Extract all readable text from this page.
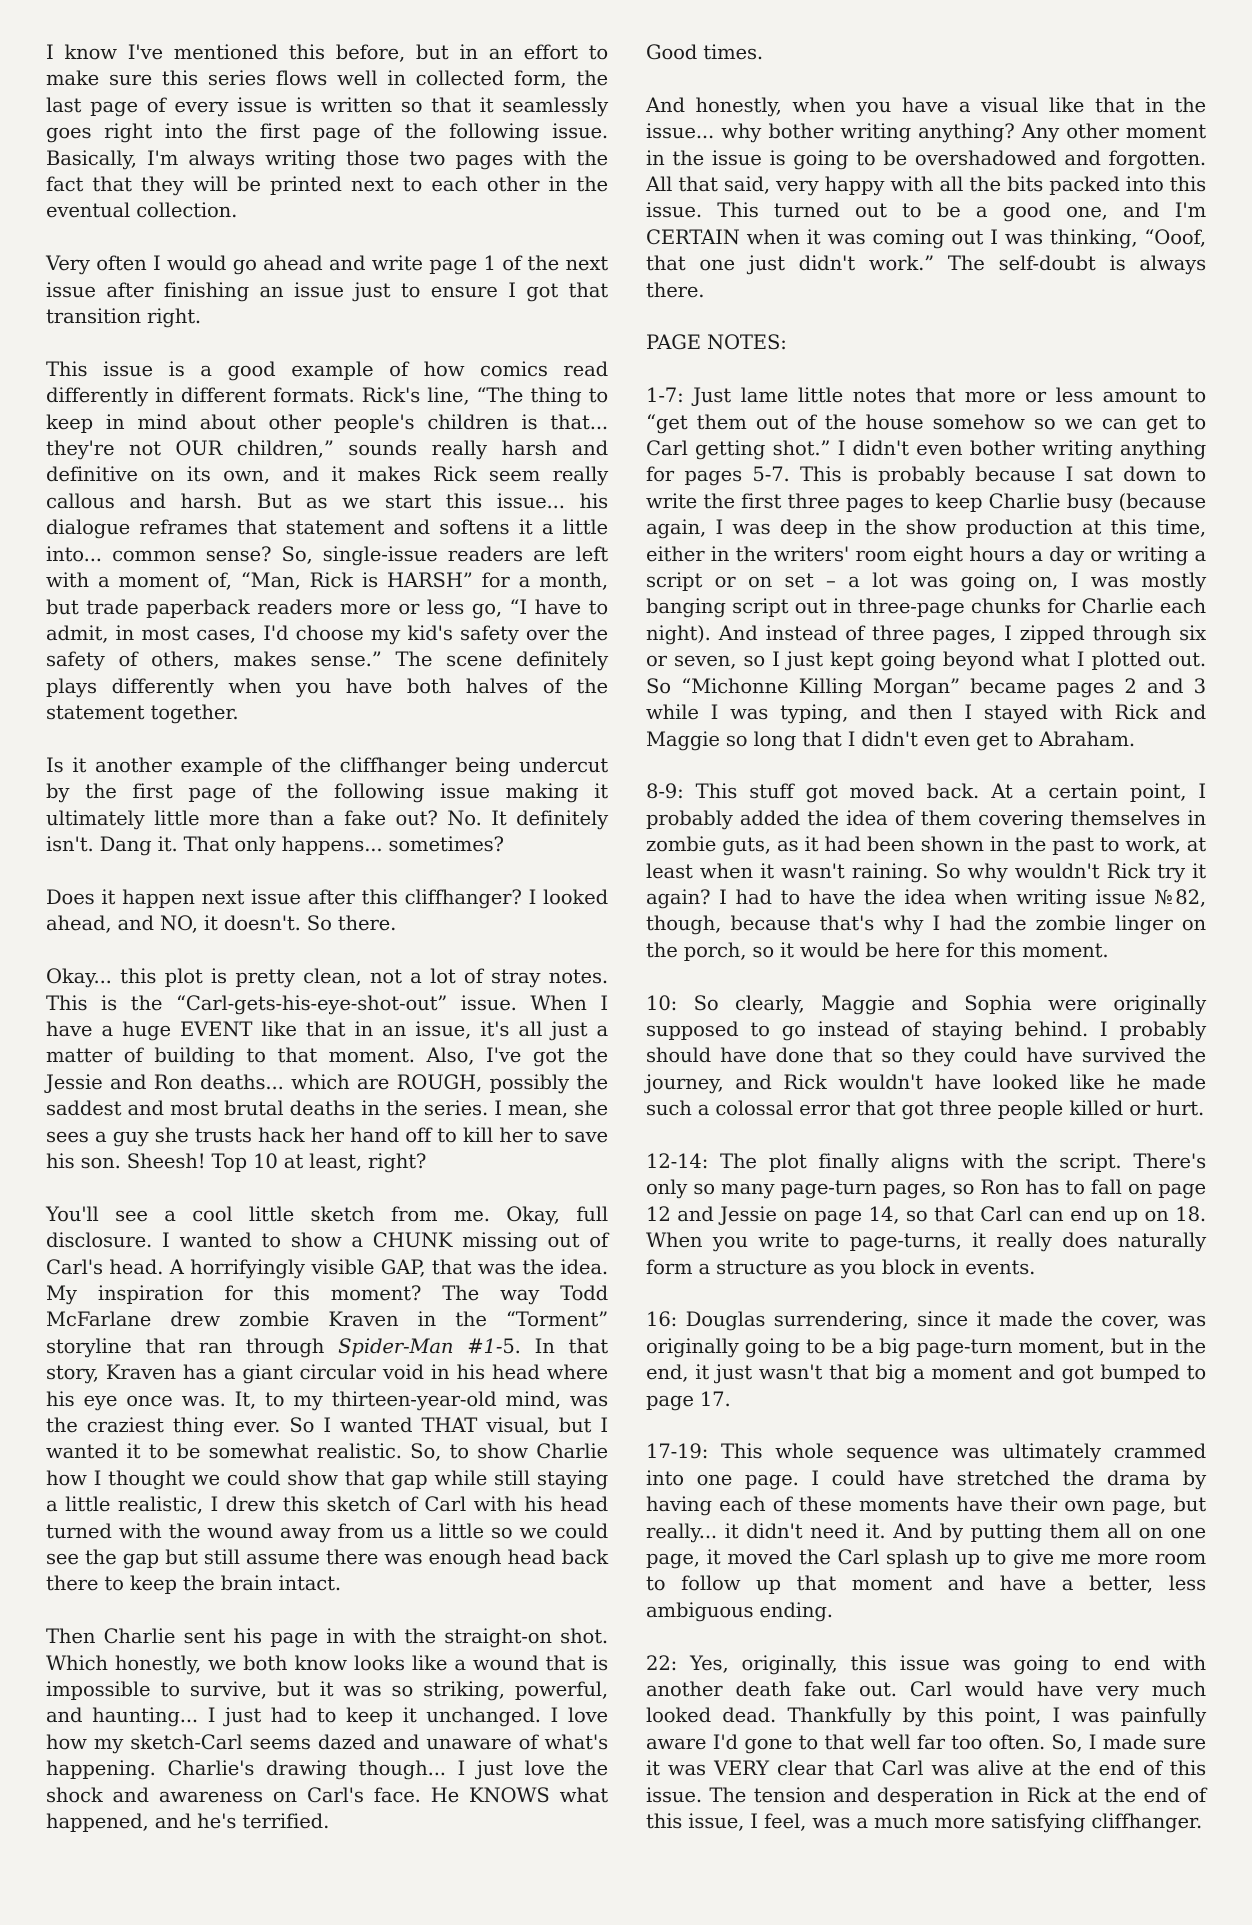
I know I've mentioned this before, but in an effort to make sure this series flows well in collected form, the last page of every issue is written so that it seamlessly goes right into the first page of the following issue. Basically, I'm always writing those two pages with the fact that they will be printed next to each other in the eventual collection.

Very often I would go ahead and write page 1 of the next issue after finishing an issue just to ensure I got that transition right.

This issue is a good example of how comics read differently in different formats. Rick's line, “The thing to keep in mind about other people's children is that... they're not OUR children,” sounds really harsh and definitive on its own, and it makes Rick seem really callous and harsh. But as we start this issue... his dialogue reframes that statement and softens it a little into... common sense? So, single-issue readers are left with a moment of, “Man, Rick is HARSH” for a month, but trade paperback readers more or less go, “I have to admit, in most cases, I'd choose my kid's safety over the safety of others, makes sense.” The scene definitely plays differently when you have both halves of the statement together.

Is it another example of the cliffhanger being undercut by the first page of the following issue making it ultimately little more than a fake out? No. It definitely isn't. Dang it. That only happens... sometimes?

Does it happen next issue after this cliffhanger? I looked ahead, and NO, it doesn't. So there.

Okay... this plot is pretty clean, not a lot of stray notes. This is the “Carl-gets-his-eye-shot-out” issue. When I have a huge EVENT like that in an issue, it's all just a matter of building to that moment. Also, I've got the Jessie and Ron deaths... which are ROUGH, possibly the saddest and most brutal deaths in the series. I mean, she sees a guy she trusts hack her hand off to kill her to save his son. Sheesh! Top 10 at least, right?

You'll see a cool little sketch from me. Okay, full disclosure. I wanted to show a CHUNK missing out of Carl's head. A horrifyingly visible GAP, that was the idea. My inspiration for this moment? The way Todd McFarlane drew zombie Kraven in the “Torment” storyline that ran through Spider-Man #1-5. In that story, Kraven has a giant circular void in his head where his eye once was. It, to my thirteen-year-old mind, was the craziest thing ever. So I wanted THAT visual, but I wanted it to be somewhat realistic. So, to show Charlie how I thought we could show that gap while still staying a little realistic, I drew this sketch of Carl with his head turned with the wound away from us a little so we could see the gap but still assume there was enough head back there to keep the brain intact.

Then Charlie sent his page in with the straight-on shot. Which honestly, we both know looks like a wound that is impossible to survive, but it was so striking, powerful, and haunting... I just had to keep it unchanged. I love how my sketch-Carl seems dazed and unaware of what's happening. Charlie's drawing though... I just love the shock and awareness on Carl's face. He KNOWS what happened, and he's terrified.

Good times.

And honestly, when you have a visual like that in the issue... why bother writing anything? Any other moment in the issue is going to be overshadowed and forgotten. All that said, very happy with all the bits packed into this issue. This turned out to be a good one, and I'm CERTAIN when it was coming out I was thinking, “Ooof, that one just didn't work.” The self-doubt is always there.

PAGE NOTES:

1-7: Just lame little notes that more or less amount to “get them out of the house somehow so we can get to Carl getting shot.” I didn't even bother writing anything for pages 5-7. This is probably because I sat down to write the first three pages to keep Charlie busy (because again, I was deep in the show production at this time, either in the writers' room eight hours a day or writing a script or on set – a lot was going on, I was mostly banging script out in three-page chunks for Charlie each night). And instead of three pages, I zipped through six or seven, so I just kept going beyond what I plotted out. So “Michonne Killing Morgan” became pages 2 and 3 while I was typing, and then I stayed with Rick and Maggie so long that I didn't even get to Abraham.

8-9: This stuff got moved back. At a certain point, I probably added the idea of them covering themselves in zombie guts, as it had been shown in the past to work, at least when it wasn't raining. So why wouldn't Rick try it again? I had to have the idea when writing issue №82, though, because that's why I had the zombie linger on the porch, so it would be here for this moment.

10: So clearly, Maggie and Sophia were originally supposed to go instead of staying behind. I probably should have done that so they could have survived the journey, and Rick wouldn't have looked like he made such a colossal error that got three people killed or hurt.

12-14: The plot finally aligns with the script. There's only so many page-turn pages, so Ron has to fall on page 12 and Jessie on page 14, so that Carl can end up on 18. When you write to page-turns, it really does naturally form a structure as you block in events.

16: Douglas surrendering, since it made the cover, was originally going to be a big page-turn moment, but in the end, it just wasn't that big a moment and got bumped to page 17.

17-19: This whole sequence was ultimately crammed into one page. I could have stretched the drama by having each of these moments have their own page, but really... it didn't need it. And by putting them all on one page, it moved the Carl splash up to give me more room to follow up that moment and have a better, less ambiguous ending.

22: Yes, originally, this issue was going to end with another death fake out. Carl would have very much looked dead. Thankfully by this point, I was painfully aware I'd gone to that well far too often. So, I made sure it was VERY clear that Carl was alive at the end of this issue. The tension and desperation in Rick at the end of this issue, I feel, was a much more satisfying cliffhanger.
